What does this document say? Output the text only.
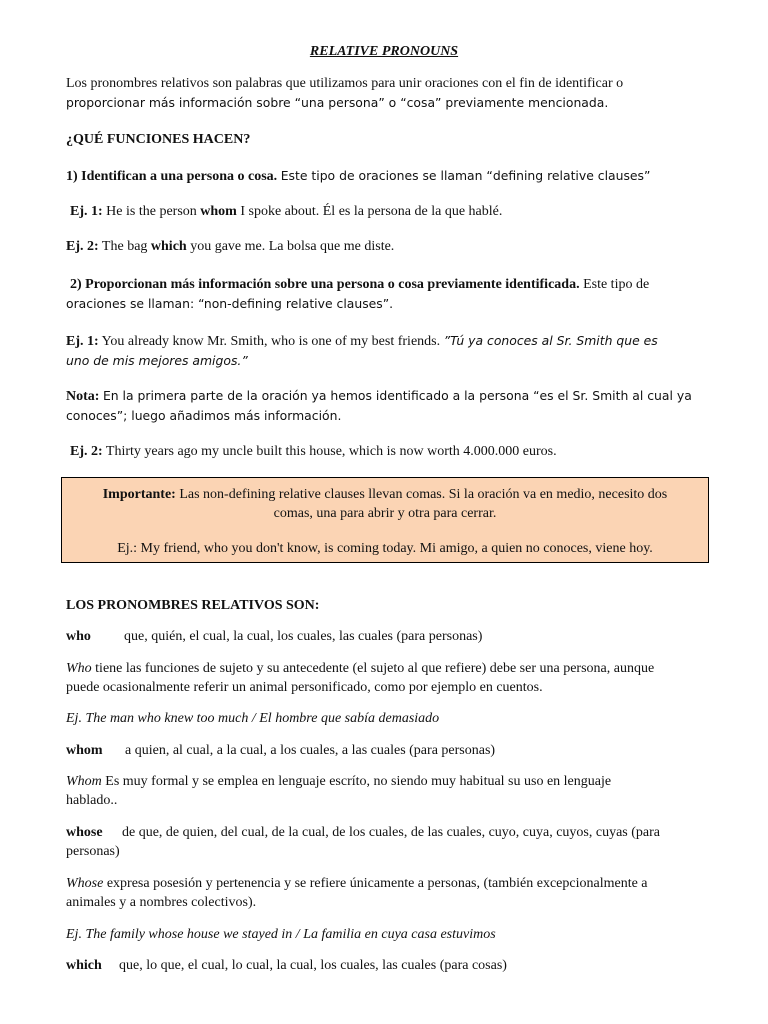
RELATIVE PRONOUNS

Los pronombres relativos son palabras que utilizamos para unir oraciones con el fin de identificar o
proporcionar más información sobre “una persona” o “cosa” previamente mencionada.

¿QUÉ FUNCIONES HACEN?

1) Identifican a una persona o cosa. Este tipo de oraciones se llaman “defining relative clauses”

Ej. 1: He is the person whom I spoke about. Él es la persona de la que hablé.

Ej. 2: The bag which you gave me. La bolsa que me diste.

2) Proporcionan más información sobre una persona o cosa previamente identificada. Este tipo de
oraciones se llaman: “non-defining relative clauses”.

Ej. 1: You already know Mr. Smith, who is one of my best friends. ”Tú ya conoces al Sr. Smith que es
uno de mis mejores amigos.”

Nota: En la primera parte de la oración ya hemos identificado a la persona “es el Sr. Smith al cual ya
conoces”; luego añadimos más información.

Ej. 2: Thirty years ago my uncle built this house, which is now worth 4.000.000 euros.

Importante: Las non-defining relative clauses llevan comas. Si la oración va en medio, necesito dos
comas, una para abrir y otra para cerrar.
Ej.: My friend, who you don't know, is coming today. Mi amigo, a quien no conoces, viene hoy.

LOS PRONOMBRES RELATIVOS SON:

who que, quién, el cual, la cual, los cuales, las cuales (para personas)

Who tiene las funciones de sujeto y su antecedente (el sujeto al que refiere) debe ser una persona, aunque
puede ocasionalmente referir un animal personificado, como por ejemplo en cuentos.

Ej. The man who knew too much / El hombre que sabía demasiado

whom a quien, al cual, a la cual, a los cuales, a las cuales (para personas)

Whom Es muy formal y se emplea en lenguaje escríto, no siendo muy habitual su uso en lenguaje
hablado..

whose de que, de quien, del cual, de la cual, de los cuales, de las cuales, cuyo, cuya, cuyos, cuyas (para
personas)

Whose expresa posesión y pertenencia y se refiere únicamente a personas, (también excepcionalmente a
animales y a nombres colectivos).

Ej. The family whose house we stayed in / La familia en cuya casa estuvimos

which que, lo que, el cual, lo cual, la cual, los cuales, las cuales (para cosas)
